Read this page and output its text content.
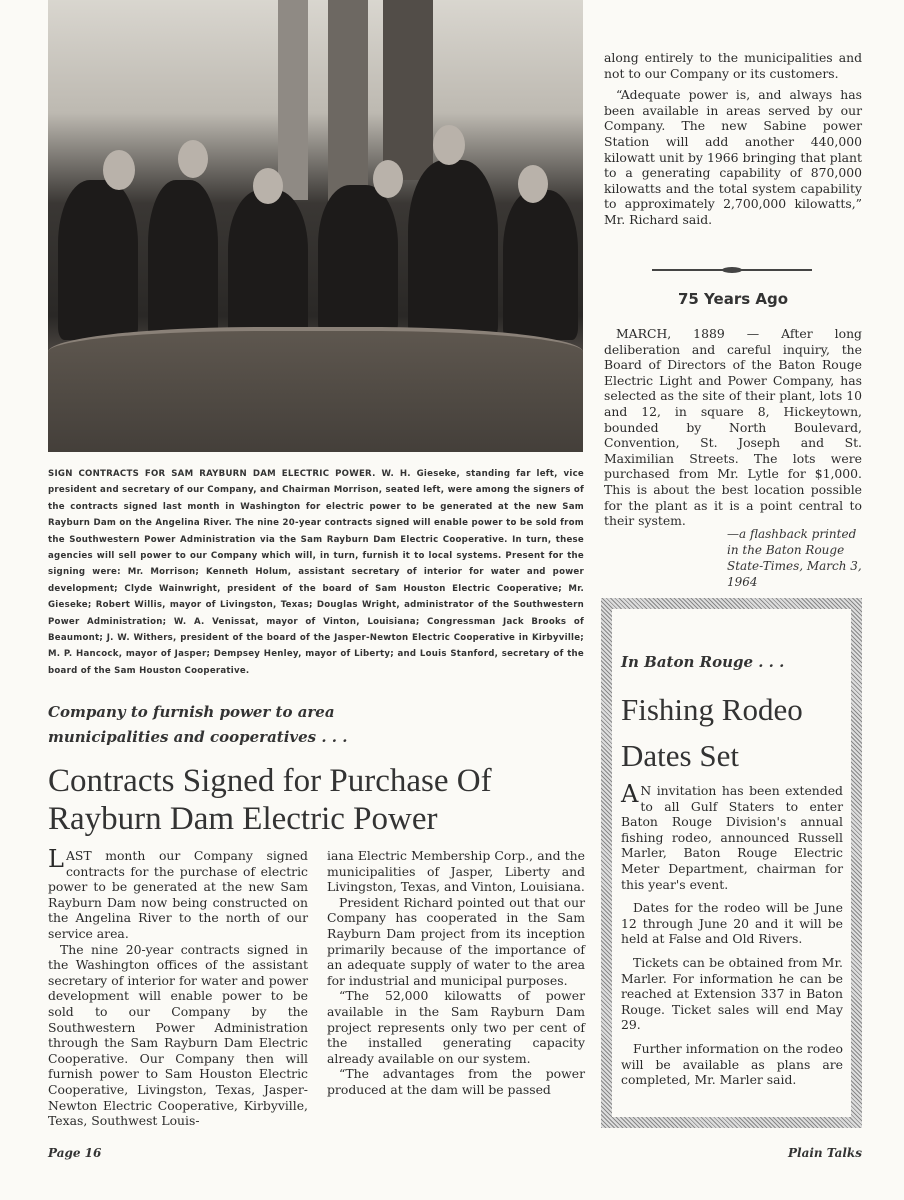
SIGN CONTRACTS FOR SAM RAYBURN DAM ELECTRIC POWER. W. H. Gieseke, standing far left, vice president and secretary of our Company, and Chairman Morrison, seated left, were among the signers of the contracts signed last month in Washington for electric power to be generated at the new Sam Rayburn Dam on the Angelina River. The nine 20-year contracts signed will enable power to be sold from the Southwestern Power Administration via the Sam Rayburn Dam Electric Cooperative. In turn, these agencies will sell power to our Company which will, in turn, furnish it to local systems. Present for the signing were: Mr. Morrison; Kenneth Holum, assistant secretary of interior for water and power development; Clyde Wainwright, president of the board of Sam Houston Electric Cooperative; Mr. Gieseke; Robert Willis, mayor of Livingston, Texas; Douglas Wright, administrator of the Southwestern Power Administration; W. A. Venissat, mayor of Vinton, Louisiana; Congressman Jack Brooks of Beaumont; J. W. Withers, president of the board of the Jasper-Newton Electric Cooperative in Kirbyville; M. P. Hancock, mayor of Jasper; Dempsey Henley, mayor of Liberty; and Louis Stanford, secretary of the board of the Sam Houston Cooperative.
Company to furnish power to area municipalities and cooperatives . . .
Contracts Signed for Purchase Of Rayburn Dam Electric Power

LAST month our Company signed contracts for the purchase of electric power to be generated at the new Sam Rayburn Dam now being constructed on the Angelina River to the north of our service area.

The nine 20-year contracts signed in the Washington offices of the assistant secretary of interior for water and power development will enable power to be sold to our Company by the Southwestern Power Administration through the Sam Rayburn Dam Electric Cooperative. Our Company then will furnish power to Sam Houston Electric Cooperative, Livingston, Texas, Jasper-Newton Electric Cooperative, Kirbyville, Texas, Southwest Louis-

iana Electric Membership Corp., and the municipalities of Jasper, Liberty and Livingston, Texas, and Vinton, Louisiana.

President Richard pointed out that our Company has cooperated in the Sam Rayburn Dam project from its inception primarily because of the importance of an adequate supply of water to the area for industrial and municipal purposes.

“The 52,000 kilowatts of power available in the Sam Rayburn Dam project represents only two per cent of the installed generating capacity already available on our system.

“The advantages from the power produced at the dam will be passed

along entirely to the municipalities and not to our Company or its customers.

“Adequate power is, and always has been available in areas served by our Company. The new Sabine power Station will add another 440,000 kilowatt unit by 1966 bringing that plant to a generating capability of 870,000 kilowatts and the total system capability to approximately 2,700,000 kilowatts,” Mr. Richard said.

75 Years Ago

MARCH, 1889 — After long deliberation and careful inquiry, the Board of Directors of the Baton Rouge Electric Light and Power Company, has selected as the site of their plant, lots 10 and 12, in square 8, Hickeytown, bounded by North Boulevard, Convention, St. Joseph and St. Maximilian Streets. The lots were purchased from Mr. Lytle for $1,000. This is about the best location possible for the plant as it is a point central to their system.

—a flashback printed in the Baton Rouge State-Times, March 3, 1964
In Baton Rouge . . .
Fishing Rodeo Dates Set

A N invitation has been extended to all Gulf Staters to enter Baton Rouge Division's annual fishing rodeo, announced Russell Marler, Baton Rouge Electric Meter Department, chairman for this year's event.

Dates for the rodeo will be June 12 through June 20 and it will be held at False and Old Rivers.

Tickets can be obtained from Mr. Marler. For information he can be reached at Extension 337 in Baton Rouge. Ticket sales will end May 29.

Further information on the rodeo will be available as plans are completed, Mr. Marler said.

Page 16	Plain Talks
